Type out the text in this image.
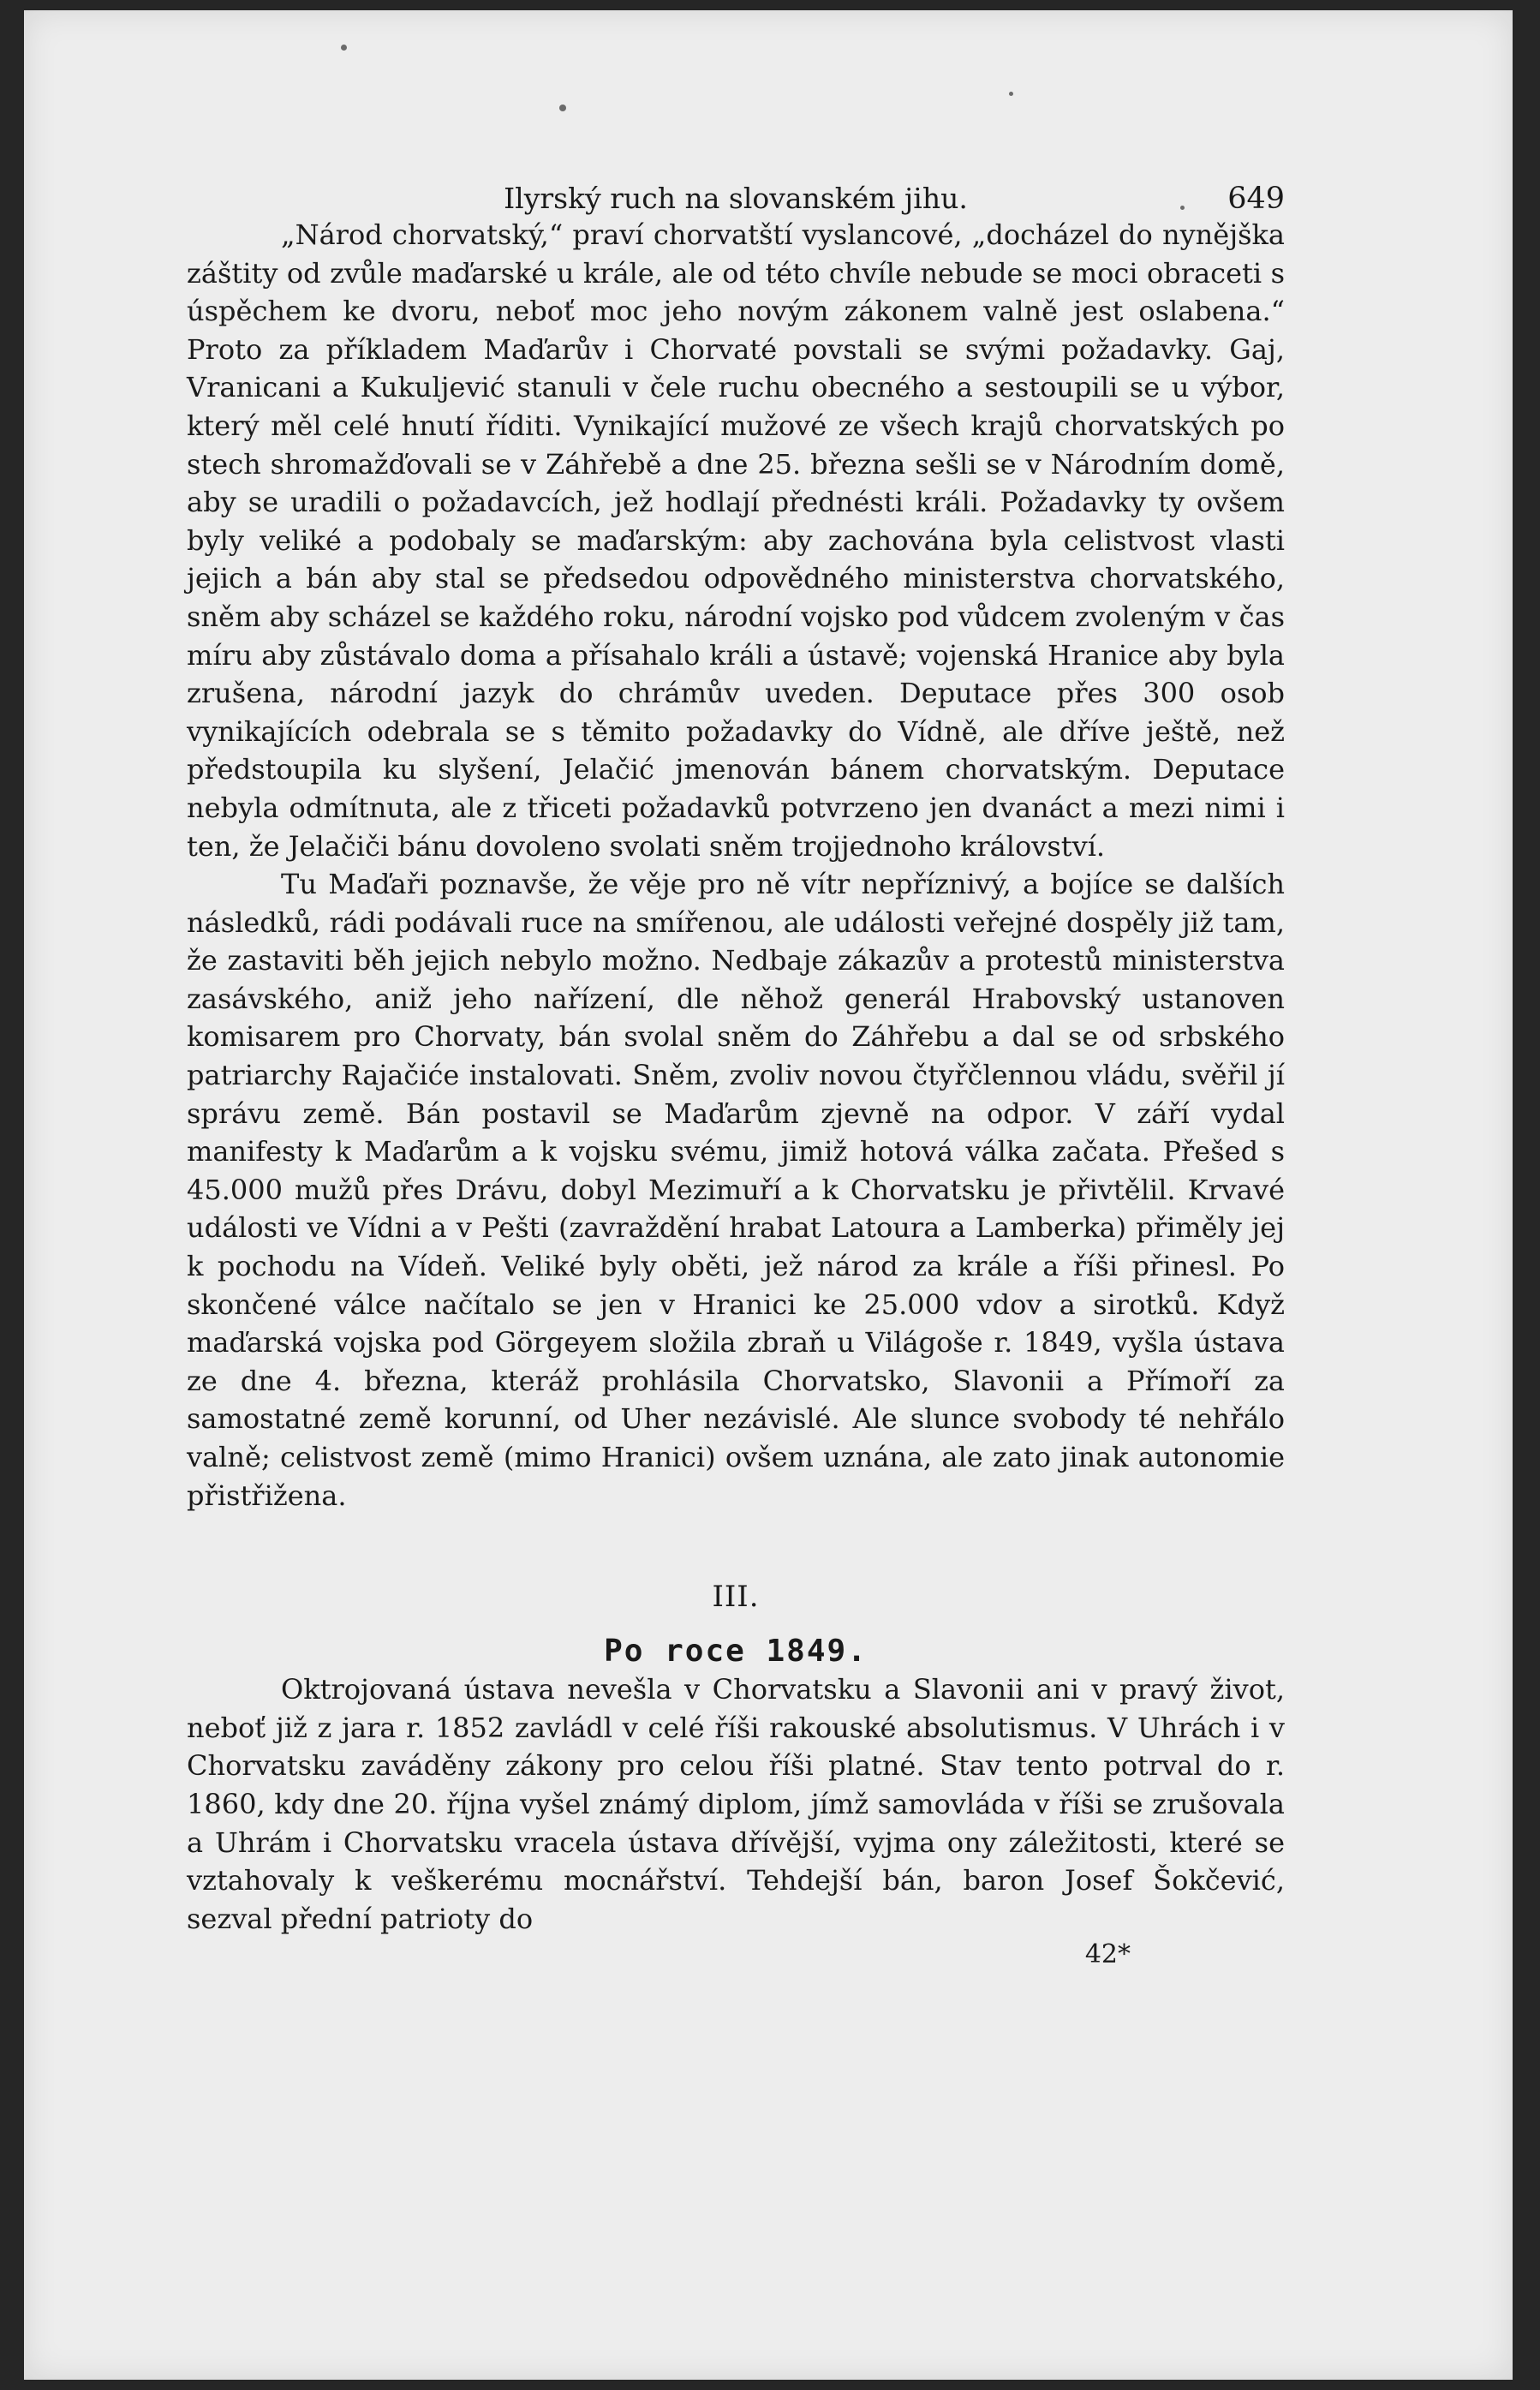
Ilyrský ruch na slovanském jihu.	649

„Národ chorvatský,“ praví chorvatští vyslancové, „docházel do nynějška záštity od zvůle maďarské u krále, ale od této chvíle nebude se moci obraceti s úspěchem ke dvoru, neboť moc jeho novým zákonem valně jest oslabena.“ Proto za příkladem Maďarův i Chorvaté povstali se svými požadavky. Gaj, Vranicani a Kukuljević stanuli v čele ruchu obecného a sestoupili se u výbor, který měl celé hnutí říditi. Vynikající mužové ze všech krajů chorvatských po stech shromažďovali se v Záhřebě a dne 25. března sešli se v Národním domě, aby se uradili o požadavcích, jež hodlají přednésti králi. Požadavky ty ovšem byly veliké a podobaly se maďarským: aby zachována byla celistvost vlasti jejich a bán aby stal se předsedou odpovědného ministerstva chorvatského, sněm aby scházel se každého roku, národní vojsko pod vůdcem zvoleným v čas míru aby zůstávalo doma a přísahalo králi a ústavě; vojenská Hranice aby byla zrušena, národní jazyk do chrámův uveden. Deputace přes 300 osob vynikajících odebrala se s těmito požadavky do Vídně, ale dříve ještě, než předstoupila ku slyšení, Jelačić jmenován bánem chorvatským. Deputace nebyla odmítnuta, ale z třiceti požadavků potvrzeno jen dvanáct a mezi nimi i ten, že Jelačiči bánu dovoleno svolati sněm trojjednoho království.

Tu Maďaři poznavše, že věje pro ně vítr nepříznivý, a bojíce se dalších následků, rádi podávali ruce na smířenou, ale události veřejné dospěly již tam, že zastaviti běh jejich nebylo možno. Nedbaje zákazův a protestů ministerstva zasávského, aniž jeho nařízení, dle něhož generál Hrabovský ustanoven komisarem pro Chorvaty, bán svolal sněm do Záhřebu a dal se od srbského patriarchy Rajačiće instalovati. Sněm, zvoliv novou čtyřčlennou vládu, svěřil jí správu země. Bán postavil se Maďarům zjevně na odpor. V září vydal manifesty k Maďarům a k vojsku svému, jimiž hotová válka začata. Přešed s 45.000 mužů přes Drávu, dobyl Mezimuří a k Chorvatsku je přivtělil. Krvavé události ve Vídni a v Pešti (zavraždění hrabat Latoura a Lamberka) přiměly jej k pochodu na Vídeň. Veliké byly oběti, jež národ za krále a říši přinesl. Po skončené válce načítalo se jen v Hranici ke 25.000 vdov a sirotků. Když maďarská vojska pod Görgeyem složila zbraň u Világoše r. 1849, vyšla ústava ze dne 4. března, kteráž prohlásila Chorvatsko, Slavonii a Přímoří za samostatné země korunní, od Uher nezávislé. Ale slunce svobody té nehřálo valně; celistvost země (mimo Hranici) ovšem uznána, ale zato jinak autonomie přistřižena.

III.
Po roce 1849.

Oktrojovaná ústava nevešla v Chorvatsku a Slavonii ani v pravý život, neboť již z jara r. 1852 zavládl v celé říši rakouské absolutismus. V Uhrách i v Chorvatsku zaváděny zákony pro celou říši platné. Stav tento potrval do r. 1860, kdy dne 20. října vyšel známý diplom, jímž samovláda v říši se zrušovala a Uhrám i Chorvatsku vracela ústava dřívější, vyjma ony záležitosti, které se vztahovaly k veškerému mocnářství. Tehdejší bán, baron Josef Šokčević, sezval přední patrioty do

42*
